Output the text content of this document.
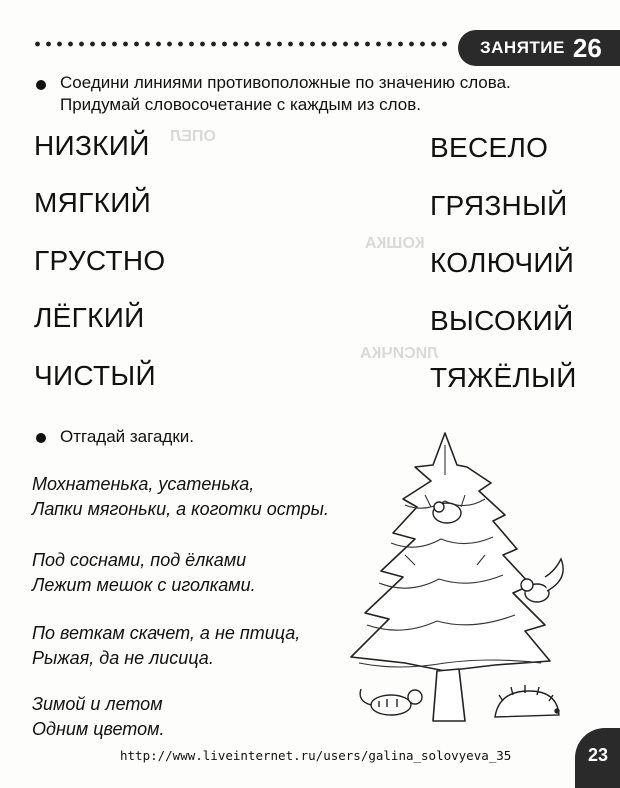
ЗАНЯТИЕ 26
ОПЕЛ
КОШКА
ЛИСИЧКА
Соедини линиями противоположные по значению слова.
Придумай словосочетание с каждым из слов.
НИЗКИЙ
МЯГКИЙ
ГРУСТНО
ЛЁГКИЙ
ЧИСТЫЙ
ВЕСЕЛО
ГРЯЗНЫЙ
КОЛЮЧИЙ
ВЫСОКИЙ
ТЯЖЁЛЫЙ
Отгадай загадки.
Мохнатенька, усатенька,
Лапки мягоньки, а коготки остры.
Под соснами, под ёлками
Лежит мешок с иголками.
По веткам скачет, а не птица,
Рыжая, да не лисица.
Зимой и летом
Одним цветом.
23
http://www.liveinternet.ru/users/galina_solovyeva_35
